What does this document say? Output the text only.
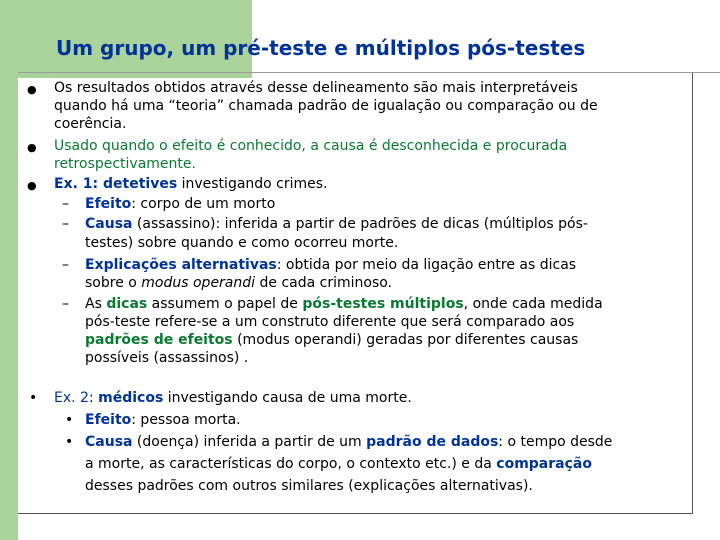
Um grupo, um pré-teste e múltiplos pós-testes
● Os resultados obtidos através desse delineamento são mais interpretáveis
quando há uma “teoria” chamada padrão de igualação ou comparação ou de
coerência.
● Usado quando o efeito é conhecido, a causa é desconhecida e procurada
retrospectivamente.
● Ex. 1: detetives investigando crimes.
– Efeito: corpo de um morto
– Causa (assassino): inferida a partir de padrões de dicas (múltiplos pós-
testes) sobre quando e como ocorreu morte.
– Explicações alternativas: obtida por meio da ligação entre as dicas
sobre o modus operandi de cada criminoso.
– As dicas assumem o papel de pós-testes múltiplos, onde cada medida
pós-teste refere-se a um construto diferente que será comparado aos
padrões de efeitos (modus operandi) geradas por diferentes causas
possíveis (assassinos) .
• Ex. 2: médicos investigando causa de uma morte.
• Efeito: pessoa morta.
• Causa (doença) inferida a partir de um padrão de dados: o tempo desde
a morte, as características do corpo, o contexto etc.) e da comparação
desses padrões com outros similares (explicações alternativas).
